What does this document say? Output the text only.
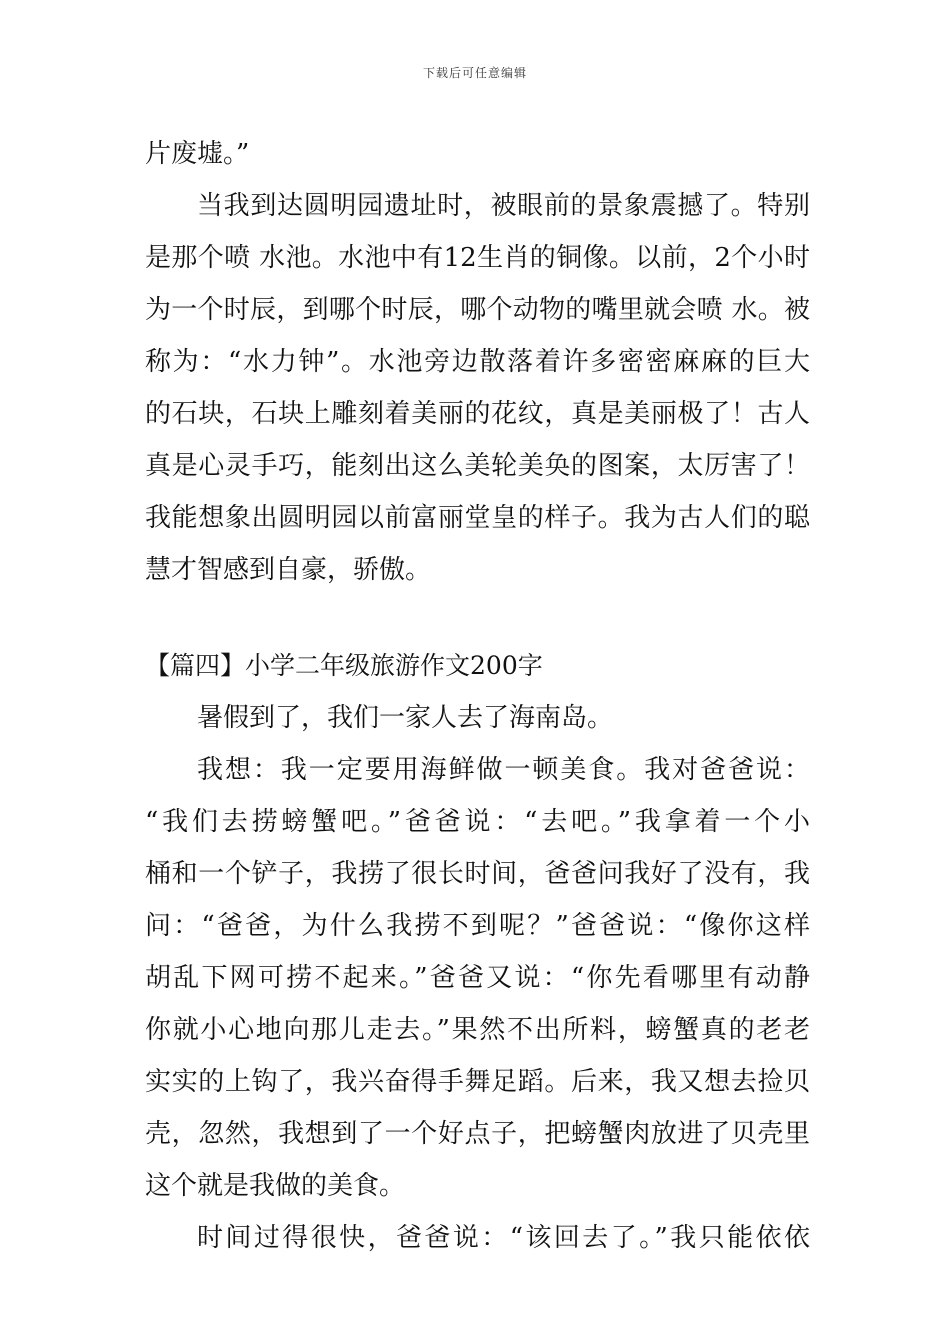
下载后可任意编辑
片废墟。”
当我到达圆明园遗址时，被眼前的景象震撼了。特别
是那个喷 水池。水池中有12生肖的铜像。以前，2个小时
为一个时辰，到哪个时辰，哪个动物的嘴里就会喷 水。被
称为：“水力钟”。水池旁边散落着许多密密麻麻的巨大
的石块，石块上雕刻着美丽的花纹，真是美丽极了！古人
真是心灵手巧，能刻出这么美轮美奂的图案，太厉害了！
我能想象出圆明园以前富丽堂皇的样子。我为古人们的聪
慧才智感到自豪，骄傲。
【篇四】小学二年级旅游作文200字
暑假到了，我们一家人去了海南岛。
我想：我一定要用海鲜做一顿美食。我对爸爸说：
“我们去捞螃蟹吧。”爸爸说：“去吧。”我拿着一个小
桶和一个铲子，我捞了很长时间，爸爸问我好了没有，我
问：“爸爸，为什么我捞不到呢？”爸爸说：“像你这样
胡乱下网可捞不起来。”爸爸又说：“你先看哪里有动静
你就小心地向那儿走去。”果然不出所料，螃蟹真的老老
实实的上钩了，我兴奋得手舞足蹈。后来，我又想去捡贝
壳，忽然，我想到了一个好点子，把螃蟹肉放进了贝壳里
这个就是我做的美食。
时间过得很快，爸爸说：“该回去了。”我只能依依
